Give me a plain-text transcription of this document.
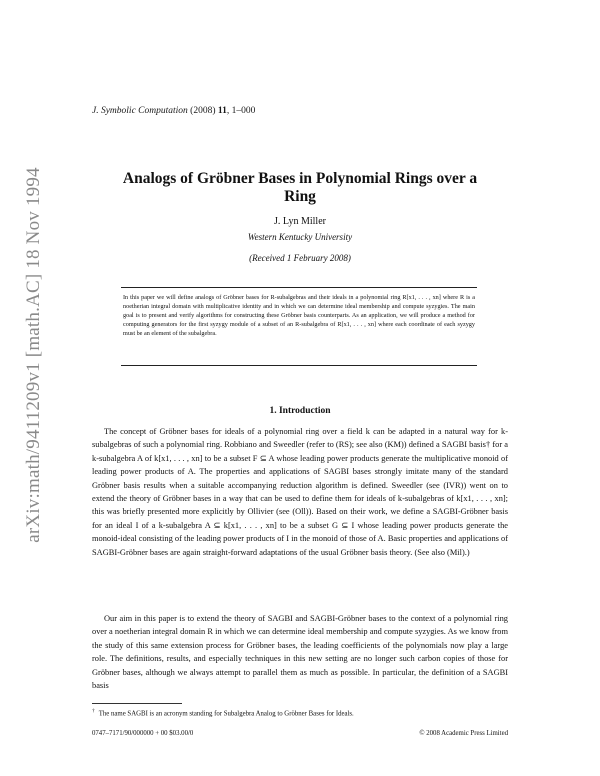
arXiv:math/9411209v1 [math.AC] 18 Nov 1994
J. Symbolic Computation (2008) 11, 1–000
Analogs of Gröbner Bases in Polynomial Rings over a Ring
J. Lyn Miller
Western Kentucky University
(Received 1 February 2008)

In this paper we will define analogs of Gröbner bases for R-subalgebras and their ideals in a polynomial ring R[x1, . . . , xn] where R is a noetherian integral domain with multiplicative identity and in which we can determine ideal membership and compute syzygies. The main goal is to present and verify algorithms for constructing these Gröbner basis counterparts. As an application, we will produce a method for computing generators for the first syzygy module of a subset of an R-subalgebra of R[x1, . . . , xn] where each coordinate of each syzygy must be an element of the subalgebra.

1. Introduction

The concept of Gröbner bases for ideals of a polynomial ring over a field k can be adapted in a natural way for k-subalgebras of such a polynomial ring. Robbiano and Sweedler (refer to (RS); see also (KM)) defined a SAGBI basis† for a k-subalgebra A of k[x1, . . . , xn] to be a subset F ⊆ A whose leading power products generate the multiplicative monoid of leading power products of A. The properties and applications of SAGBI bases strongly imitate many of the standard Gröbner basis results when a suitable accompanying reduction algorithm is defined. Sweedler (see (IVR)) went on to extend the theory of Gröbner bases in a way that can be used to define them for ideals of k-subalgebras of k[x1, . . . , xn]; this was briefly presented more explicitly by Ollivier (see (Oll)). Based on their work, we define a SAGBI-Gröbner basis for an ideal I of a k-subalgebra A ⊆ k[x1, . . . , xn] to be a subset G ⊆ I whose leading power products generate the monoid-ideal consisting of the leading power products of I in the monoid of those of A. Basic properties and applications of SAGBI-Gröbner bases are again straight-forward adaptations of the usual Gröbner basis theory. (See also (Mil).)

Our aim in this paper is to extend the theory of SAGBI and SAGBI-Gröbner bases to the context of a polynomial ring over a noetherian integral domain R in which we can determine ideal membership and compute syzygies. As we know from the study of this same extension process for Gröbner bases, the leading coefficients of the polynomials now play a large role. The definitions, results, and especially techniques in this new setting are no longer such carbon copies of those for Gröbner bases, although we always attempt to parallel them as much as possible. In particular, the definition of a SAGBI basis

† The name SAGBI is an acronym standing for Subalgebra Analog to Gröbner Bases for Ideals.
0747–7171/90/000000 + 00 $03.00/0	© 2008 Academic Press Limited
